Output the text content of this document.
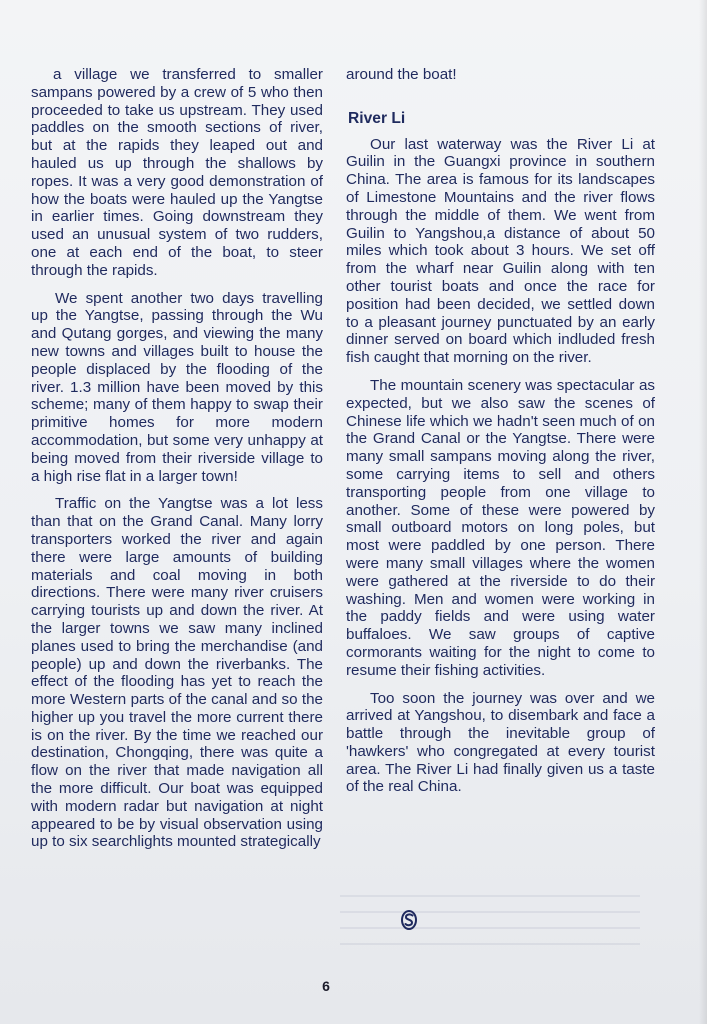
a village we transferred to smaller sampans powered by a crew of 5 who then proceeded to take us upstream. They used paddles on the smooth sections of river, but at the rapids they leaped out and hauled us up through the shallows by ropes. It was a very good demonstration of how the boats were hauled up the Yangtse in earlier times. Going downstream they used an unusual system of two rudders, one at each end of the boat, to steer through the rapids.

We spent another two days travelling up the Yangtse, passing through the Wu and Qutang gorges, and viewing the many new towns and villages built to house the people displaced by the flooding of the river. 1.3 million have been moved by this scheme; many of them happy to swap their primitive homes for more modern accommodation, but some very unhappy at being moved from their riverside village to a high rise flat in a larger town!

Traffic on the Yangtse was a lot less than that on the Grand Canal. Many lorry transporters worked the river and again there were large amounts of building materials and coal moving in both directions. There were many river cruisers carrying tourists up and down the river. At the larger towns we saw many inclined planes used to bring the merchandise (and people) up and down the riverbanks. The effect of the flooding has yet to reach the more Western parts of the canal and so the higher up you travel the more current there is on the river. By the time we reached our destination, Chongqing, there was quite a flow on the river that made navigation all the more difficult. Our boat was equipped with modern radar but navigation at night appeared to be by visual observation using up to six searchlights mounted strategically

around the boat!

River Li

Our last waterway was the River Li at Guilin in the Guangxi province in southern China. The area is famous for its landscapes of Limestone Mountains and the river flows through the middle of them. We went from Guilin to Yangshou,a distance of about 50 miles which took about 3 hours. We set off from the wharf near Guilin along with ten other tourist boats and once the race for position had been decided, we settled down to a pleasant journey punctuated by an early dinner served on board which indluded fresh fish caught that morning on the river.

The mountain scenery was spectacular as expected, but we also saw the scenes of Chinese life which we hadn't seen much of on the Grand Canal or the Yangtse. There were many small sampans moving along the river, some carrying items to sell and others transporting people from one village to another. Some of these were powered by small outboard motors on long poles, but most were paddled by one person. There were many small villages where the women were gathered at the riverside to do their washing. Men and women were working in the paddy fields and were using water buffaloes. We saw groups of captive cormorants waiting for the night to come to resume their fishing activities.

Too soon the journey was over and we arrived at Yangshou, to disembark and face a battle through the inevitable group of 'hawkers' who congregated at every tourist area. The River Li had finally given us a taste of the real China.

6
